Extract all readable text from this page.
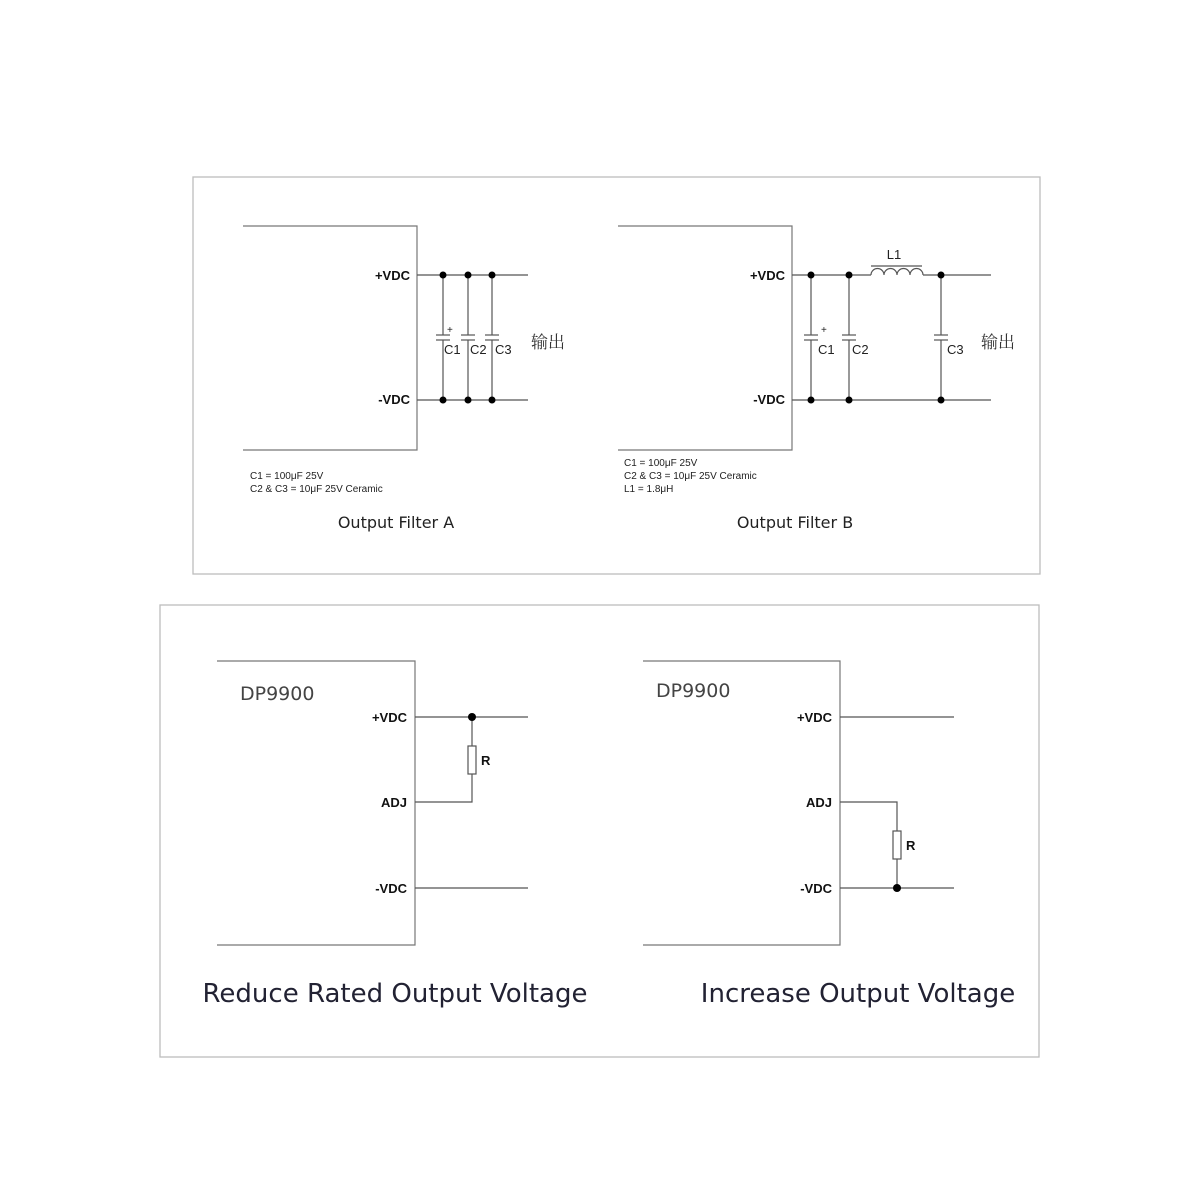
+VDC
-VDC
+
C1 C2 C3 输出
C1 = 100μF 25V
C2 & C3 = 10μF 25V Ceramic
Output Filter A
+VDC
-VDC
L1
+
C1 C2	C3 输出
C1 = 100μF 25V
C2 & C3 = 10μF 25V Ceramic
L1 = 1.8μH
Output Filter B
DP9900
+VDC
ADJ
-VDC
R
Reduce Rated Output Voltage
DP9900
+VDC
ADJ
-VDC
R
Increase Output Voltage
